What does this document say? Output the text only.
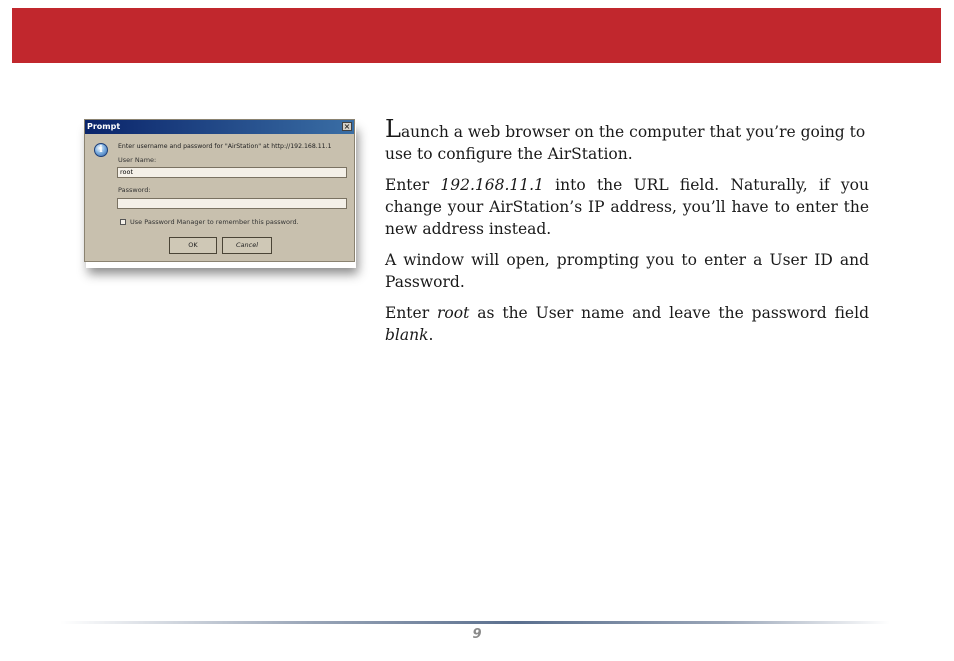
Prompt	×
i	Enter username and password for "AirStation" at http://192.168.11.1
User Name:
root
Password:
Use Password Manager to remember this password.
OK	Cancel

Launch a web browser on the computer that you’re going to use to configure the AirStation.

Enter 192.168.11.1 into the URL field. Naturally, if you change your AirStation’s IP address, you’ll have to enter the new address instead.

A window will open, prompting you to enter a User ID and Password.

Enter root as the User name and leave the password field blank.

9
